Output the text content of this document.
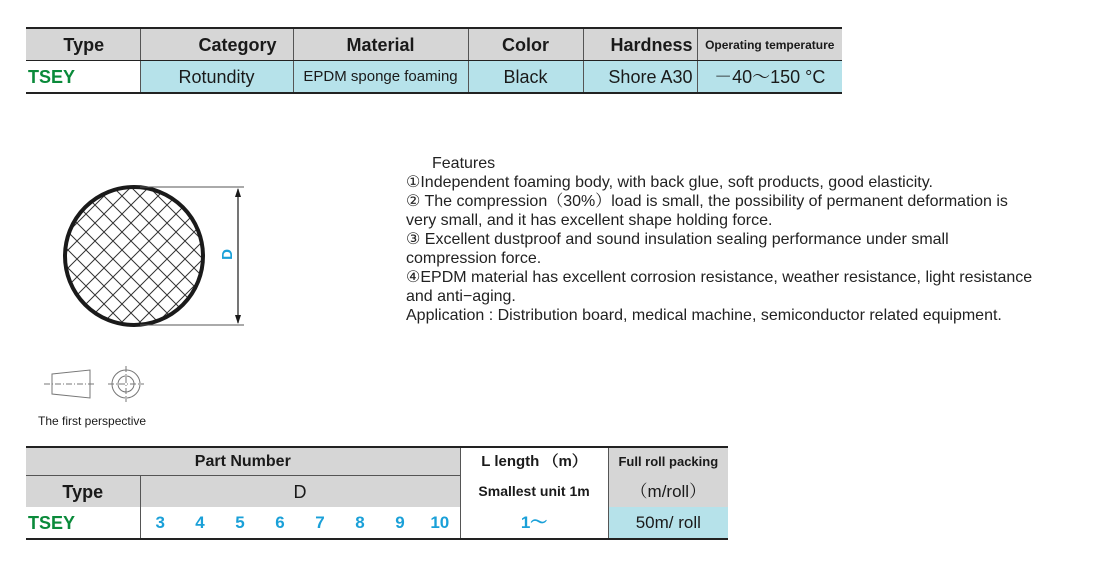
Type	Category	Material	Color	Hardness	Operating temperature
TSEY	Rotundity	EPDM sponge foaming	Black	Shore A30	－40～150 °C
D
The first perspective
Features
①Independent foaming body, with back glue, soft products, good elasticity.
② The compression（30%）load is small, the possibility of permanent deformation is
very small, and it has excellent shape holding force.
③ Excellent dustproof and sound insulation sealing performance under small
compression force.
④EPDM material has excellent corrosion resistance, weather resistance, light resistance
and anti−aging.
Application : Distribution board, medical machine, semiconductor related equipment.
Part Number									L length （m）	Full roll packing
Type	D								Smallest unit 1m	（m/roll）
TSEY	3	4	5	6	7	8	9	10	1～	50m/ roll
